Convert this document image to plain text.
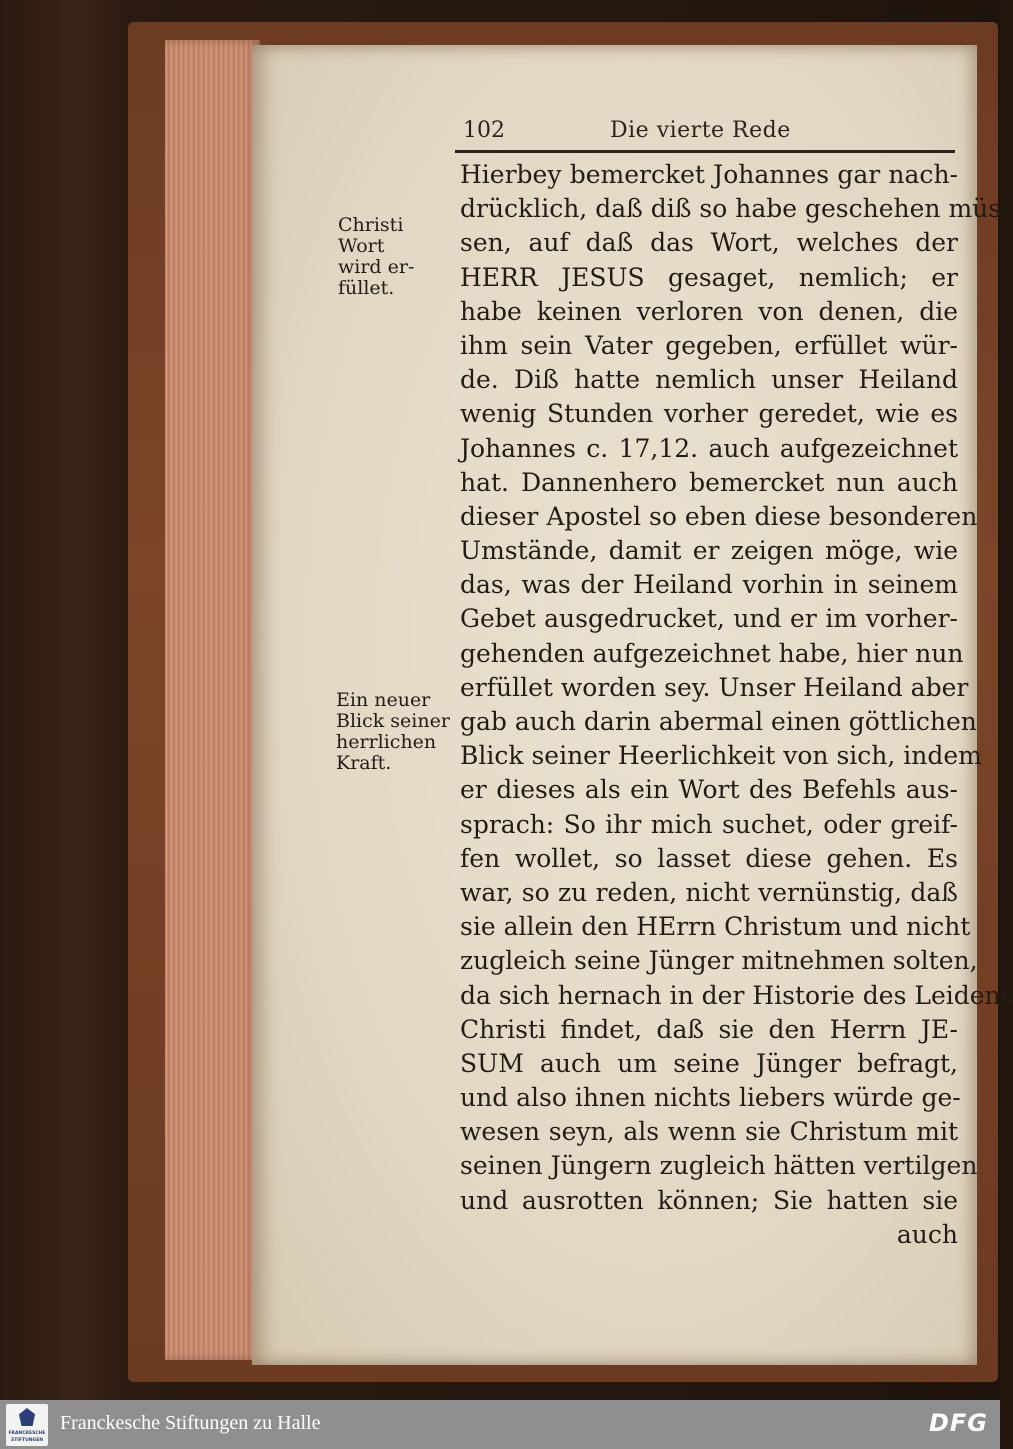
102	Die vierte Rede
Christi
Wort
wird er-
füllet.
Ein neuer
Blick seiner
herrlichen
Kraft.
Hierbey bemercket Johannes gar nach-
drücklich, daß diß so habe geschehen müs-
sen, auf daß das Wort, welches der
HERR JESUS gesaget, nemlich; er
habe keinen verloren von denen, die
ihm sein Vater gegeben, erfüllet wür-
de. Diß hatte nemlich unser Heiland
wenig Stunden vorher geredet, wie es
Johannes c. 17,12. auch aufgezeichnet
hat. Dannenhero bemercket nun auch
dieser Apostel so eben diese besonderen
Umstände, damit er zeigen möge, wie
das, was der Heiland vorhin in seinem
Gebet ausgedrucket, und er im vorher-
gehenden aufgezeichnet habe, hier nun
erfüllet worden sey. Unser Heiland aber
gab auch darin abermal einen göttlichen
Blick seiner Heerlichkeit von sich, indem
er dieses als ein Wort des Befehls aus-
sprach: So ihr mich suchet, oder greif-
fen wollet, so lasset diese gehen. Es
war, so zu reden, nicht vernünstig, daß
sie allein den HErrn Christum und nicht
zugleich seine Jünger mitnehmen solten,
da sich hernach in der Historie des Leidens
Christi findet, daß sie den Herrn JE-
SUM auch um seine Jünger befragt,
und also ihnen nichts liebers würde ge-
wesen seyn, als wenn sie Christum mit
seinen Jüngern zugleich hätten vertilgen
und ausrotten können; Sie hatten sie
auch
FRANCKESCHE
STIFTUNGEN
Franckesche Stiftungen zu Halle	DFG
